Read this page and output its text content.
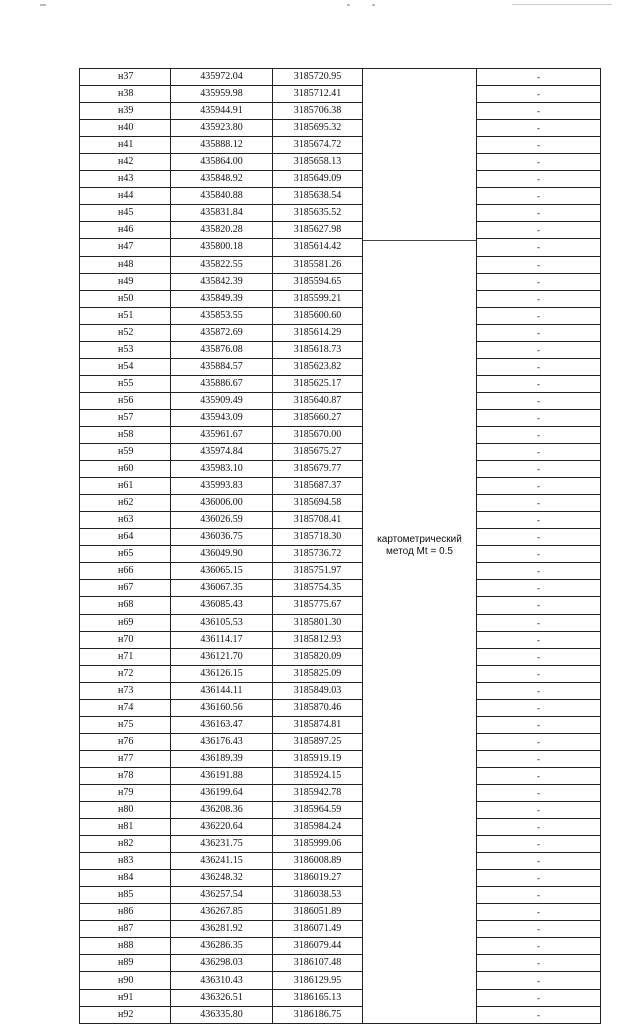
н37	435972.04	3185720.95	картометрический
метод Mt = 0.5	-
н38	435959.98	3185712.41		-
н39	435944.91	3185706.38		-
н40	435923.80	3185695.32		-
н41	435888.12	3185674.72		-
н42	435864.00	3185658.13		-
н43	435848.92	3185649.09		-
н44	435840.88	3185638.54		-
н45	435831.84	3185635.52		-
н46	435820.28	3185627.98		-
н47	435800.18	3185614.42		-
н48	435822.55	3185581.26		-
н49	435842.39	3185594.65		-
н50	435849.39	3185599.21		-
н51	435853.55	3185600.60		-
н52	435872.69	3185614.29		-
н53	435876.08	3185618.73		-
н54	435884.57	3185623.82		-
н55	435886.67	3185625.17		-
н56	435909.49	3185640.87		-
н57	435943.09	3185660.27		-
н58	435961.67	3185670.00		-
н59	435974.84	3185675.27		-
н60	435983.10	3185679.77		-
н61	435993.83	3185687.37		-
н62	436006.00	3185694.58		-
н63	436026.59	3185708.41		-
н64	436036.75	3185718.30		-
н65	436049.90	3185736.72		-
н66	436065.15	3185751.97		-
н67	436067.35	3185754.35		-
н68	436085.43	3185775.67		-
н69	436105.53	3185801.30		-
н70	436114.17	3185812.93		-
н71	436121.70	3185820.09		-
н72	436126.15	3185825.09		-
н73	436144.11	3185849.03		-
н74	436160.56	3185870.46		-
н75	436163.47	3185874.81		-
н76	436176.43	3185897.25		-
н77	436189.39	3185919.19		-
н78	436191.88	3185924.15		-
н79	436199.64	3185942.78		-
н80	436208.36	3185964.59		-
н81	436220.64	3185984.24		-
н82	436231.75	3185999.06		-
н83	436241.15	3186008.89		-
н84	436248.32	3186019.27		-
н85	436257.54	3186038.53		-
н86	436267.85	3186051.89		-
н87	436281.92	3186071.49		-
н88	436286.35	3186079.44		-
н89	436298.03	3186107.48		-
н90	436310.43	3186129.95		-
н91	436326.51	3186165.13		-
н92	436335.80	3186186.75		-
